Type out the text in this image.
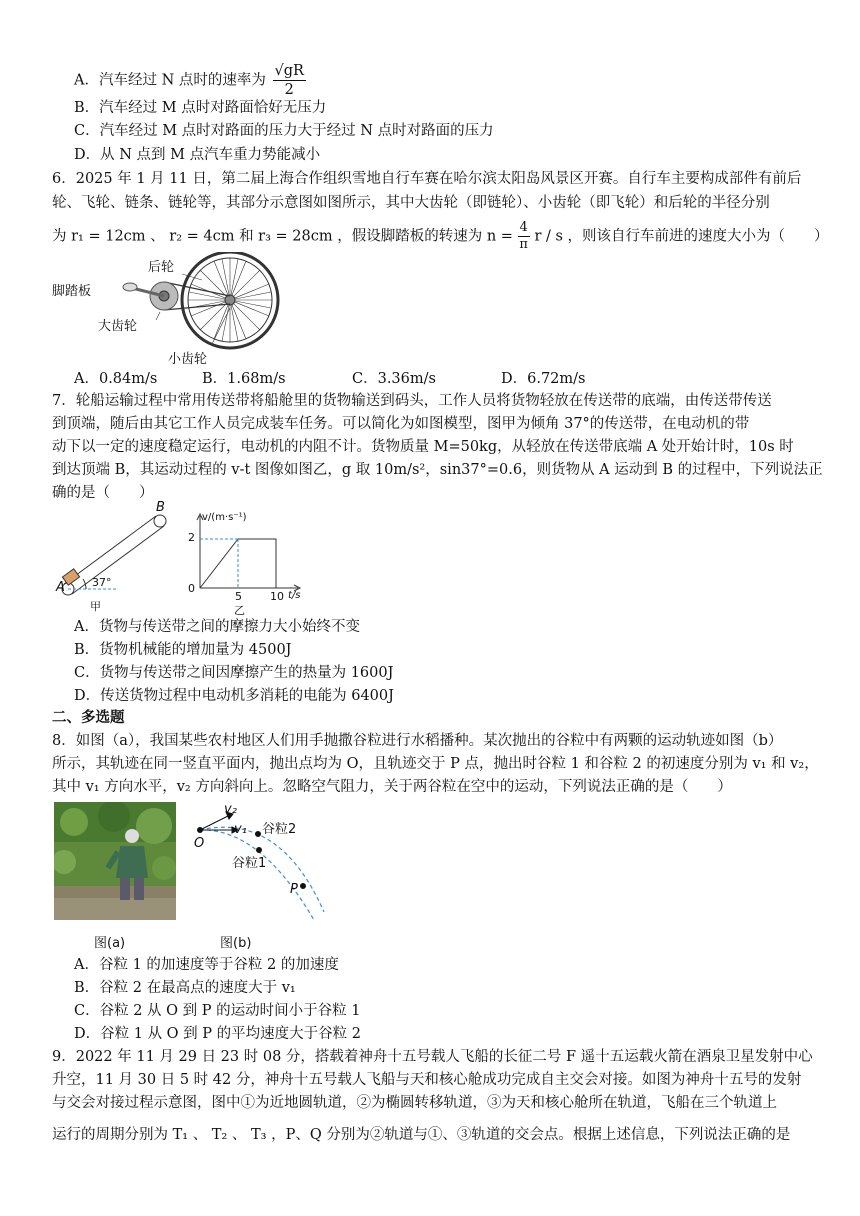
A．汽车经过 N 点时的速率为 $\frac{√gR}{2}$
B．汽车经过 M 点时对路面恰好无压力
C．汽车经过 M 点时对路面的压力大于经过 N 点时对路面的压力
D．从 N 点到 M 点汽车重力势能减小
6．2025 年 1 月 11 日，第二届上海合作组织雪地自行车赛在哈尔滨太阳岛风景区开赛。自行车主要构成部件有前后
轮、飞轮、链条、链轮等，其部分示意图如图所示，其中大齿轮（即链轮）、小齿轮（即飞轮）和后轮的半径分别
为 r₁ = 12cm 、 r₂ = 4cm 和 r₃ = 28cm ，假设脚踏板的转速为 $n = \frac{4}{\pi}$ r / s ，则该自行车前进的速度大小为（　　）
脚踏板
后轮
大齿轮
小齿轮
A．0.84m/s	B．1.68m/s	C．3.36m/s	D．6.72m/s
7．轮船运输过程中常用传送带将船舱里的货物输送到码头，工作人员将货物轻放在传送带的底端，由传送带传送
到顶端，随后由其它工作人员完成装车任务。可以简化为如图模型，图甲为倾角 37°的传送带，在电动机的带
动下以一定的速度稳定运行，电动机的内阻不计。货物质量 M=50kg，从轻放在传送带底端 A 处开始计时，10s 时
到达顶端 B，其运动过程的 v-t 图像如图乙，g 取 10m/s²，sin37°=0.6，则货物从 A 运动到 B 的过程中，下列说法正
确的是（　　）
A
B
37°
甲
v/(m·s⁻¹)
2
0
5	10 t/s
乙
A．货物与传送带之间的摩擦力大小始终不变
B．货物机械能的增加量为 4500J
C．货物与传送带之间因摩擦产生的热量为 1600J
D．传送货物过程中电动机多消耗的电能为 6400J
二、多选题
8．如图（a），我国某些农村地区人们用手抛撒谷粒进行水稻播种。某次抛出的谷粒中有两颗的运动轨迹如图（b）
所示，其轨迹在同一竖直平面内，抛出点均为 O，且轨迹交于 P 点，抛出时谷粒 1 和谷粒 2 的初速度分别为 v₁ 和 v₂，
其中 v₁ 方向水平，v₂ 方向斜向上。忽略空气阻力，关于两谷粒在空中的运动，下列说法正确的是（　　）
图(a)
v₂
v₁
O
谷粒2
谷粒1
P
图(b)
A．谷粒 1 的加速度等于谷粒 2 的加速度
B．谷粒 2 在最高点的速度大于 v₁
C．谷粒 2 从 O 到 P 的运动时间小于谷粒 1
D．谷粒 1 从 O 到 P 的平均速度大于谷粒 2
9．2022 年 11 月 29 日 23 时 08 分，搭载着神舟十五号载人飞船的长征二号 F 遥十五运载火箭在酒泉卫星发射中心
升空，11 月 30 日 5 时 42 分，神舟十五号载人飞船与天和核心舱成功完成自主交会对接。如图为神舟十五号的发射
与交会对接过程示意图，图中①为近地圆轨道，②为椭圆转移轨道，③为天和核心舱所在轨道，飞船在三个轨道上
运行的周期分别为 T₁ 、 T₂ 、 T₃ ，P、Q 分别为②轨道与①、③轨道的交会点。根据上述信息，下列说法正确的是
